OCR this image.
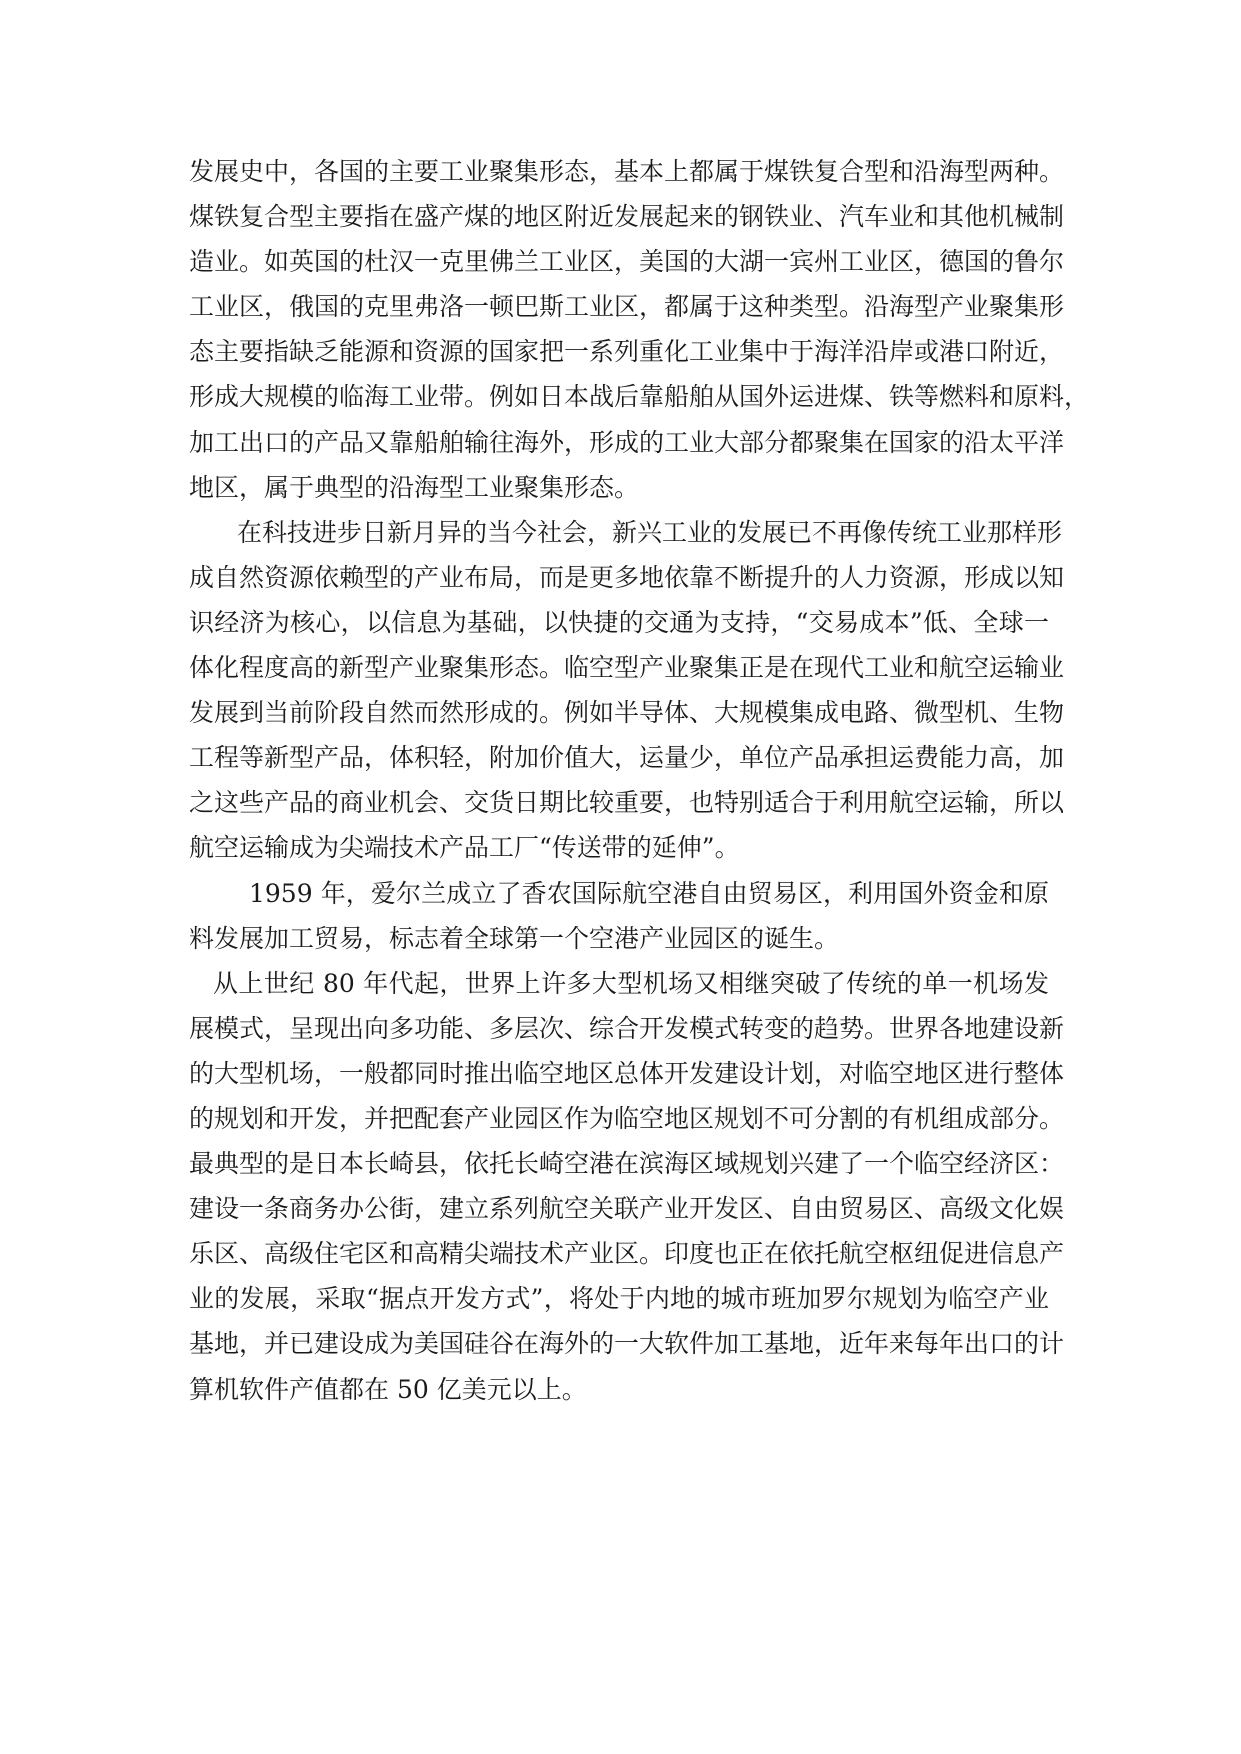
发展史中，各国的主要工业聚集形态，基本上都属于煤铁复合型和沿海型两种。
煤铁复合型主要指在盛产煤的地区附近发展起来的钢铁业、汽车业和其他机械制
造业。如英国的杜汉一克里佛兰工业区，美国的大湖一宾州工业区，德国的鲁尔
工业区，俄国的克里弗洛一顿巴斯工业区，都属于这种类型。沿海型产业聚集形
态主要指缺乏能源和资源的国家把一系列重化工业集中于海洋沿岸或港口附近，
形成大规模的临海工业带。例如日本战后靠船舶从国外运进煤、铁等燃料和原料，
加工出口的产品又靠船舶输往海外，形成的工业大部分都聚集在国家的沿太平洋
地区，属于典型的沿海型工业聚集形态。

在科技进步日新月异的当今社会，新兴工业的发展已不再像传统工业那样形
成自然资源依赖型的产业布局，而是更多地依靠不断提升的人力资源，形成以知
识经济为核心，以信息为基础，以快捷的交通为支持，“交易成本”低、全球一
体化程度高的新型产业聚集形态。临空型产业聚集正是在现代工业和航空运输业
发展到当前阶段自然而然形成的。例如半导体、大规模集成电路、微型机、生物
工程等新型产品，体积轻，附加价值大，运量少，单位产品承担运费能力高，加
之这些产品的商业机会、交货日期比较重要，也特别适合于利用航空运输，所以
航空运输成为尖端技术产品工厂“传送带的延伸”。

1959 年，爱尔兰成立了香农国际航空港自由贸易区，利用国外资金和原
料发展加工贸易，标志着全球第一个空港产业园区的诞生。

从上世纪 80 年代起，世界上许多大型机场又相继突破了传统的单一机场发
展模式，呈现出向多功能、多层次、综合开发模式转变的趋势。世界各地建设新
的大型机场，一般都同时推出临空地区总体开发建设计划，对临空地区进行整体
的规划和开发，并把配套产业园区作为临空地区规划不可分割的有机组成部分。
最典型的是日本长崎县，依托长崎空港在滨海区域规划兴建了一个临空经济区：
建设一条商务办公街，建立系列航空关联产业开发区、自由贸易区、高级文化娱
乐区、高级住宅区和高精尖端技术产业区。印度也正在依托航空枢纽促进信息产
业的发展，采取“据点开发方式”，将处于内地的城市班加罗尔规划为临空产业
基地，并已建设成为美国硅谷在海外的一大软件加工基地，近年来每年出口的计
算机软件产值都在 50 亿美元以上。
